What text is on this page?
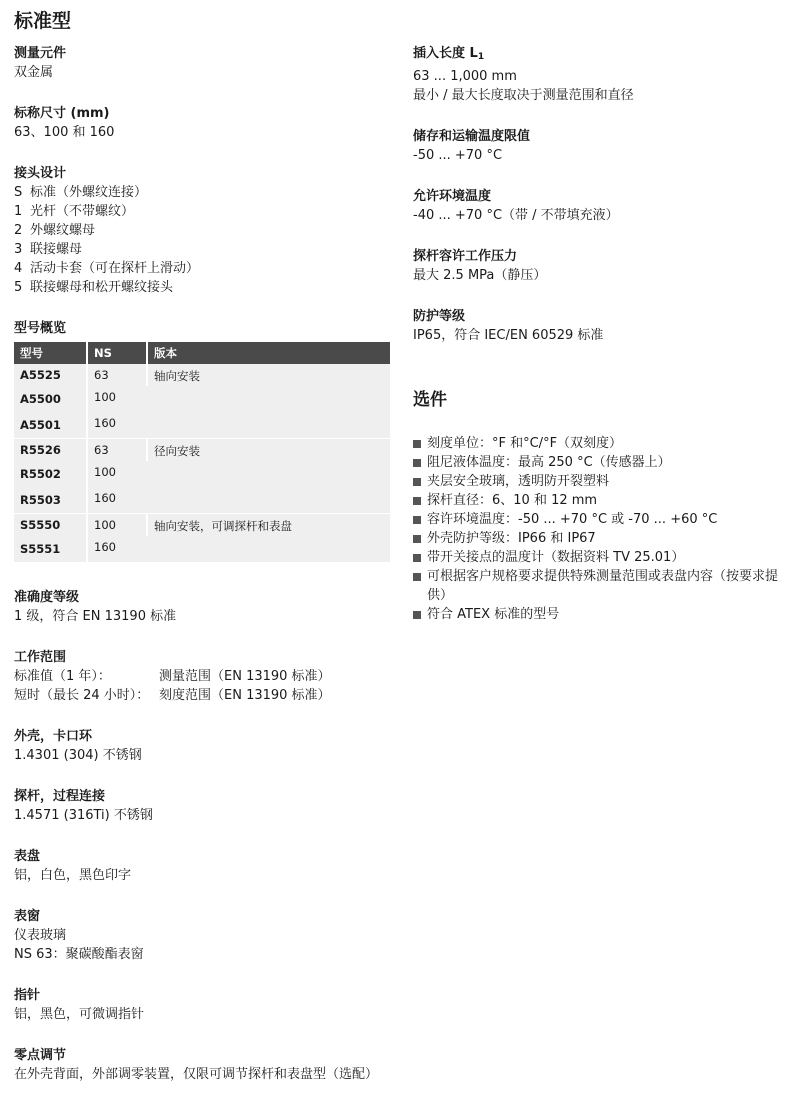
标准型
测量元件
双金属
标称尺寸 (mm)
63、100 和 160
接头设计
S 标准（外螺纹连接）
1 光杆（不带螺纹）
2 外螺纹螺母
3 联接螺母
4 活动卡套（可在探杆上滑动）
5 联接螺母和松开螺纹接头
型号概览
型号	NS	版本
A5525	63	轴向安装
A5500	100	
A5501	160	
R5526	63	径向安装
R5502	100	
R5503	160	
S5550	100	轴向安装，可调探杆和表盘
S5551	160	
准确度等级
1 级，符合 EN 13190 标准
工作范围
标准值（1 年）：	测量范围（EN 13190 标准）
短时（最长 24 小时）： 刻度范围（EN 13190 标准）
外壳，卡口环
1.4301 (304) 不锈钢
探杆，过程连接
1.4571 (316Ti) 不锈钢
表盘
铝，白色，黑色印字
表窗
仪表玻璃
NS 63：聚碳酸酯表窗
指针
铝，黑色，可微调指针
零点调节
在外壳背面，外部调零装置，仅限可调节探杆和表盘型（选配）
插入长度 $L_1$
63 ... 1,000 mm
最小 / 最大长度取决于测量范围和直径
储存和运输温度限值
-50 ... +70 °C
允许环境温度
-40 ... +70 °C（带 / 不带填充液）
探杆容许工作压力
最大 2.5 MPa（静压）
防护等级
IP65，符合 IEC/EN 60529 标准
选件
刻度单位：°F 和°C/°F（双刻度）
阻尼液体温度：最高 250 °C（传感器上）
夹层安全玻璃，透明防开裂塑料
探杆直径：6、10 和 12 mm
容许环境温度：-50 ... +70 °C 或 -70 ... +60 °C
外壳防护等级：IP66 和 IP67
带开关接点的温度计（数据资料 TV 25.01）
可根据客户规格要求提供特殊测量范围或表盘内容（按要求提供）
符合 ATEX 标准的型号
